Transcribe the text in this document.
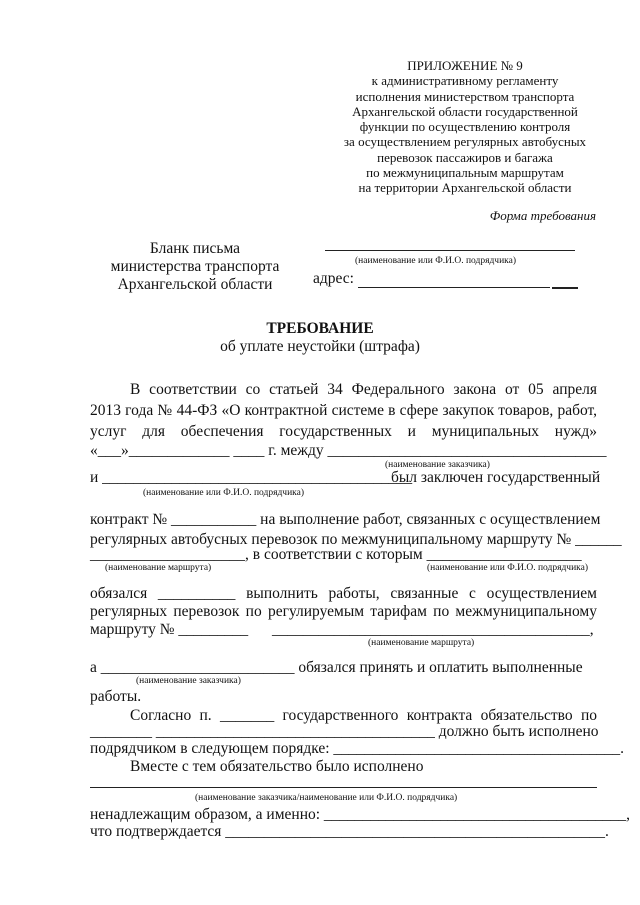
ПРИЛОЖЕНИЕ № 9
к административному регламенту
исполнения министерством транспорта
Архангельской области государственной
функции по осуществлению контроля
за осуществлением регулярных автобусных
перевозок пассажиров и багажа
по межмуниципальным маршрутам
на территории Архангельской области
Форма требования
Бланк письма
министерства транспорта
Архангельской области
(наименование или Ф.И.О. подрядчика)
адрес:
ТРЕБОВАНИЕ
об уплате неустойки (штрафа)
В соответствии со статьей 34 Федерального закона от 05 апреля
2013 года № 44-ФЗ «О контрактной системе в сфере закупок товаров, работ,
услуг для обеспечения государственных и муниципальных нужд»
«___»_____________ ____ г. между ____________________________________
(наименование заказчика)
и ________________________________________
был заключен государственный
(наименование или Ф.И.О. подрядчика)
контракт № ___________ на выполнение работ, связанных с осуществлением
регулярных автобусных перевозок по межмуниципальному маршруту № ______
____________________, в соответствии с которым ____________________
(наименование маршрута)	(наименование или Ф.И.О. подрядчика)
обязался __________ выполнить работы, связанные с осуществлением
регулярных перевозок по регулируемым тарифам по межмуниципальному
маршруту № _________ _________________________________________,
(наименование маршрута)
а _________________________ обязался принять и оплатить выполненные
(наименование заказчика)
работы.
Согласно п. _______ государственного контракта обязательство по
________ ____________________________________ должно быть исполнено
подрядчиком в следующем порядке: _____________________________________.
Вместе с тем обязательство было исполнено
(наименование заказчика/наименование или Ф.И.О. подрядчика)
ненадлежащим образом, а именно: _______________________________________,
что подтверждается _________________________________________________.
